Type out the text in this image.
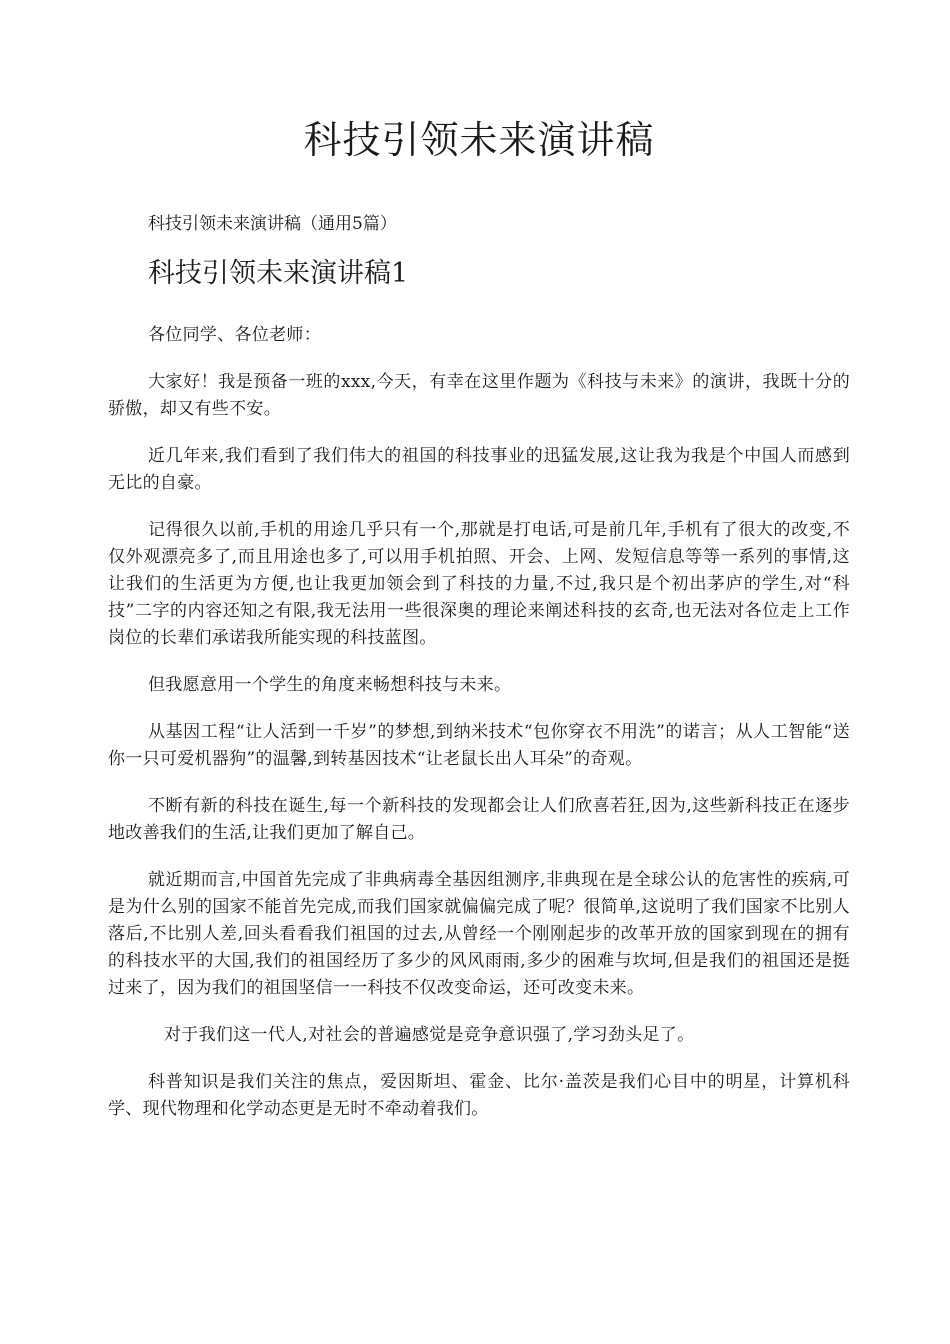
科技引领未来演讲稿

科技引领未来演讲稿（通用5篇）

科技引领未来演讲稿1

各位同学、各位老师：

大家好！我是预备一班的xxx,今天，有幸在这里作题为《科技与未来》的演讲，我既十分的骄傲，却又有些不安。

近几年来,我们看到了我们伟大的祖国的科技事业的迅猛发展,这让我为我是个中国人而感到无比的自豪。

记得很久以前,手机的用途几乎只有一个,那就是打电话,可是前几年,手机有了很大的改变,不仅外观漂亮多了,而且用途也多了,可以用手机拍照、开会、上网、发短信息等等一系列的事情,这让我们的生活更为方便,也让我更加领会到了科技的力量,不过,我只是个初出茅庐的学生,对“科技”二字的内容还知之有限,我无法用一些很深奥的理论来阐述科技的玄奇,也无法对各位走上工作岗位的长辈们承诺我所能实现的科技蓝图。

但我愿意用一个学生的角度来畅想科技与未来。

从基因工程“让人活到一千岁”的梦想,到纳米技术“包你穿衣不用洗”的诺言；从人工智能“送你一只可爱机器狗”的温馨,到转基因技术“让老鼠长出人耳朵”的奇观。

不断有新的科技在诞生,每一个新科技的发现都会让人们欣喜若狂,因为,这些新科技正在逐步地改善我们的生活,让我们更加了解自己。

就近期而言,中国首先完成了非典病毒全基因组测序,非典现在是全球公认的危害性的疾病,可是为什么别的国家不能首先完成,而我们国家就偏偏完成了呢？很简单,这说明了我们国家不比别人落后,不比别人差,回头看看我们祖国的过去,从曾经一个刚刚起步的改革开放的国家到现在的拥有的科技水平的大国,我们的祖国经历了多少的风风雨雨,多少的困难与坎坷,但是我们的祖国还是挺过来了，因为我们的祖国坚信一一科技不仅改变命运，还可改变未来。

对于我们这一代人,对社会的普遍感觉是竞争意识强了,学习劲头足了。

科普知识是我们关注的焦点，爱因斯坦、霍金、比尔·盖茨是我们心目中的明星，计算机科学、现代物理和化学动态更是无时不牵动着我们。
